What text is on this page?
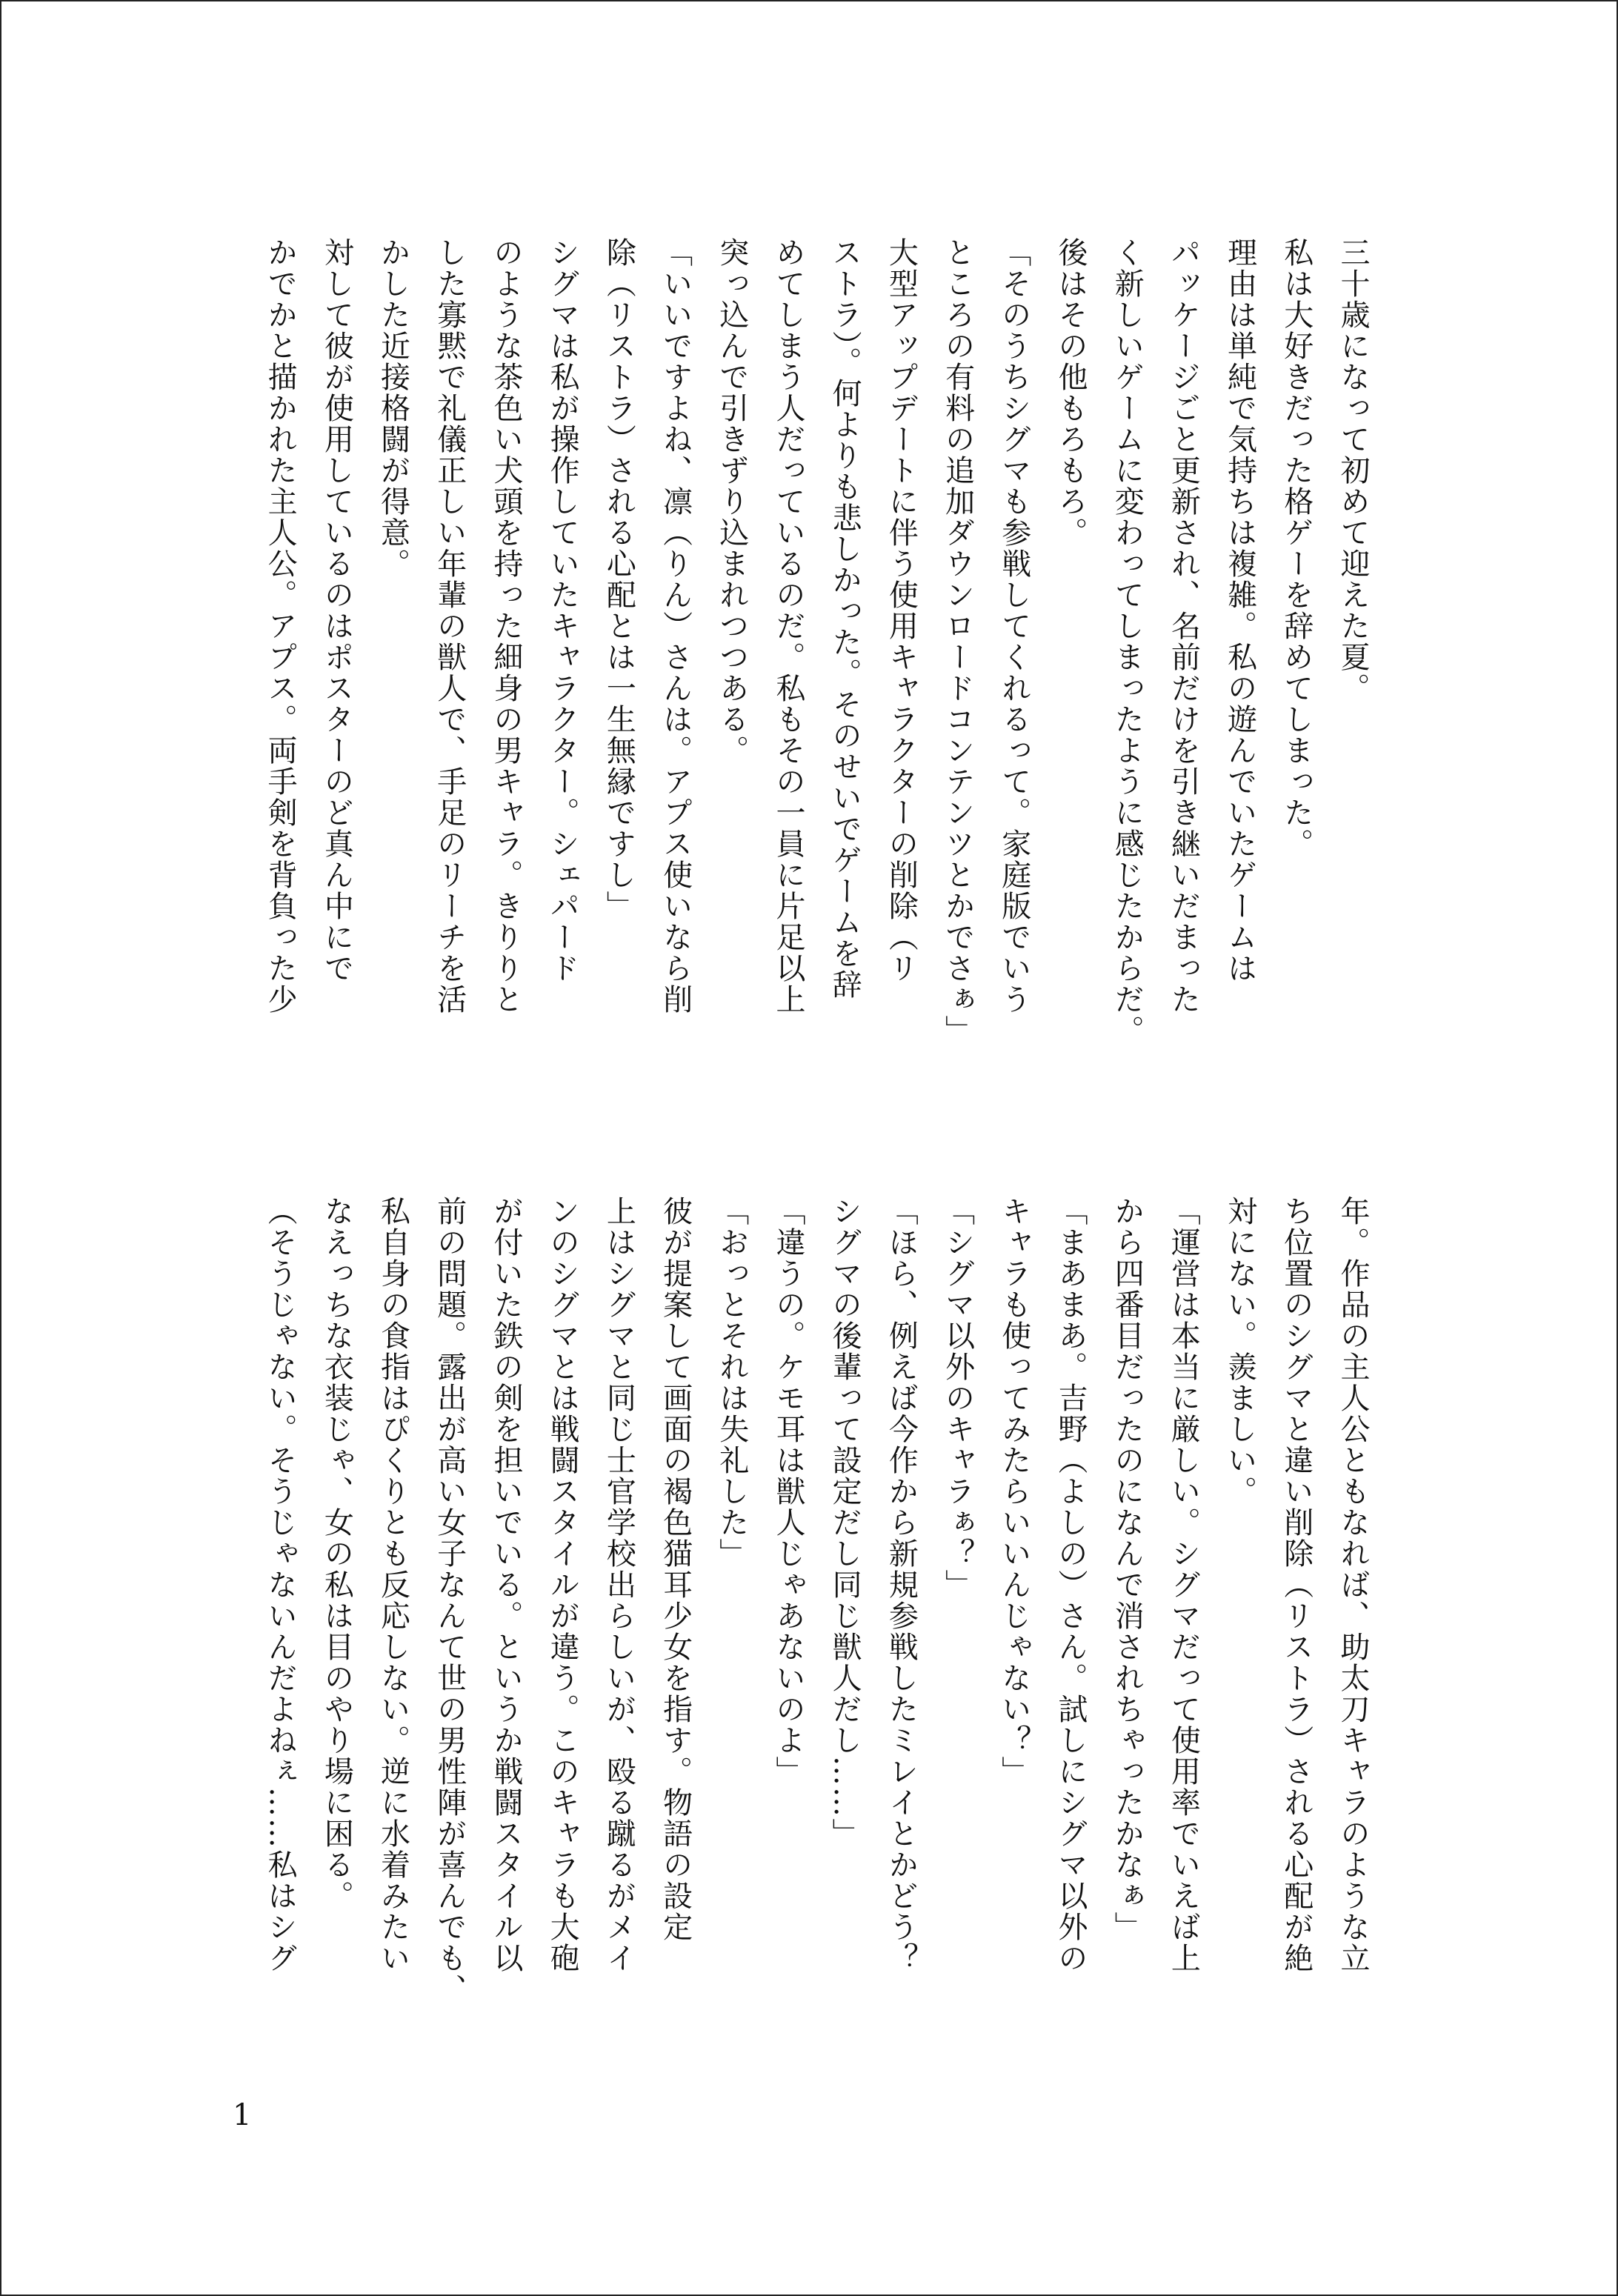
三十歳になって初めて迎えた夏。
私は大好きだった格ゲーを辞めてしまった。
理由は単純で気持ちは複雑。私の遊んでいたゲームは
パッケージごと更新され、名前だけを引き継いだまった
く新しいゲームに変わってしまったように感じたからだ。
後はその他もろもろ。
「そのうちシグマも参戦してくれるって。家庭版でいう
ところの有料の追加ダウンロードコンテンツとかでさぁ」
大型アップデートに伴う使用キャラクターの削除（リ
ストラ）。何よりも悲しかった。そのせいでゲームを辞
めてしまう人だっているのだ。私もその一員に片足以上
突っ込んで引きずり込まれつつある。
「いいですよね、凛（りん）さんは。アプス使いなら削
除（リストラ）される心配とは一生無縁ですし」
シグマは私が操作していたキャラクター。シェパード
のような茶色い犬頭を持った細身の男キャラ。きりりと
した寡黙で礼儀正しい年輩の獣人で、手足のリーチを活
かした近接格闘が得意。
対して彼が使用しているのはポスターのど真ん中にで
かでかと描かれた主人公。アプス。両手剣を背負った少
年。作品の主人公ともなれば、助太刀キャラのような立
ち位置のシグマと違い削除（リストラ）される心配が絶
対にない。羨ましい。
「運営は本当に厳しい。シグマだって使用率でいえば上
から四番目だったのになんで消されちゃったかなぁ」
「まあまあ。吉野（よしの）さん。試しにシグマ以外の
キャラも使ってみたらいいんじゃない？」
「シグマ以外のキャラぁ？」
「ほら、例えば今作から新規参戦したミレイとかどう？
シグマの後輩って設定だし同じ獣人だし……」
「違うの。ケモ耳は獣人じゃあないのよ」
「おっとそれは失礼した」
彼が提案して画面の褐色猫耳少女を指す。物語の設定
上はシグマと同じ士官学校出らしいが、殴る蹴るがメイ
ンのシグマとは戦闘スタイルが違う。このキャラも大砲
が付いた鉄の剣を担いでいる。というか戦闘スタイル以
前の問題。露出が高い女子なんて世の男性陣が喜んでも、
私自身の食指はぴくりとも反応しない。逆に水着みたい
なえっちな衣装じゃ、女の私は目のやり場に困る。
（そうじゃない。そうじゃないんだよねぇ……私はシグ
1
